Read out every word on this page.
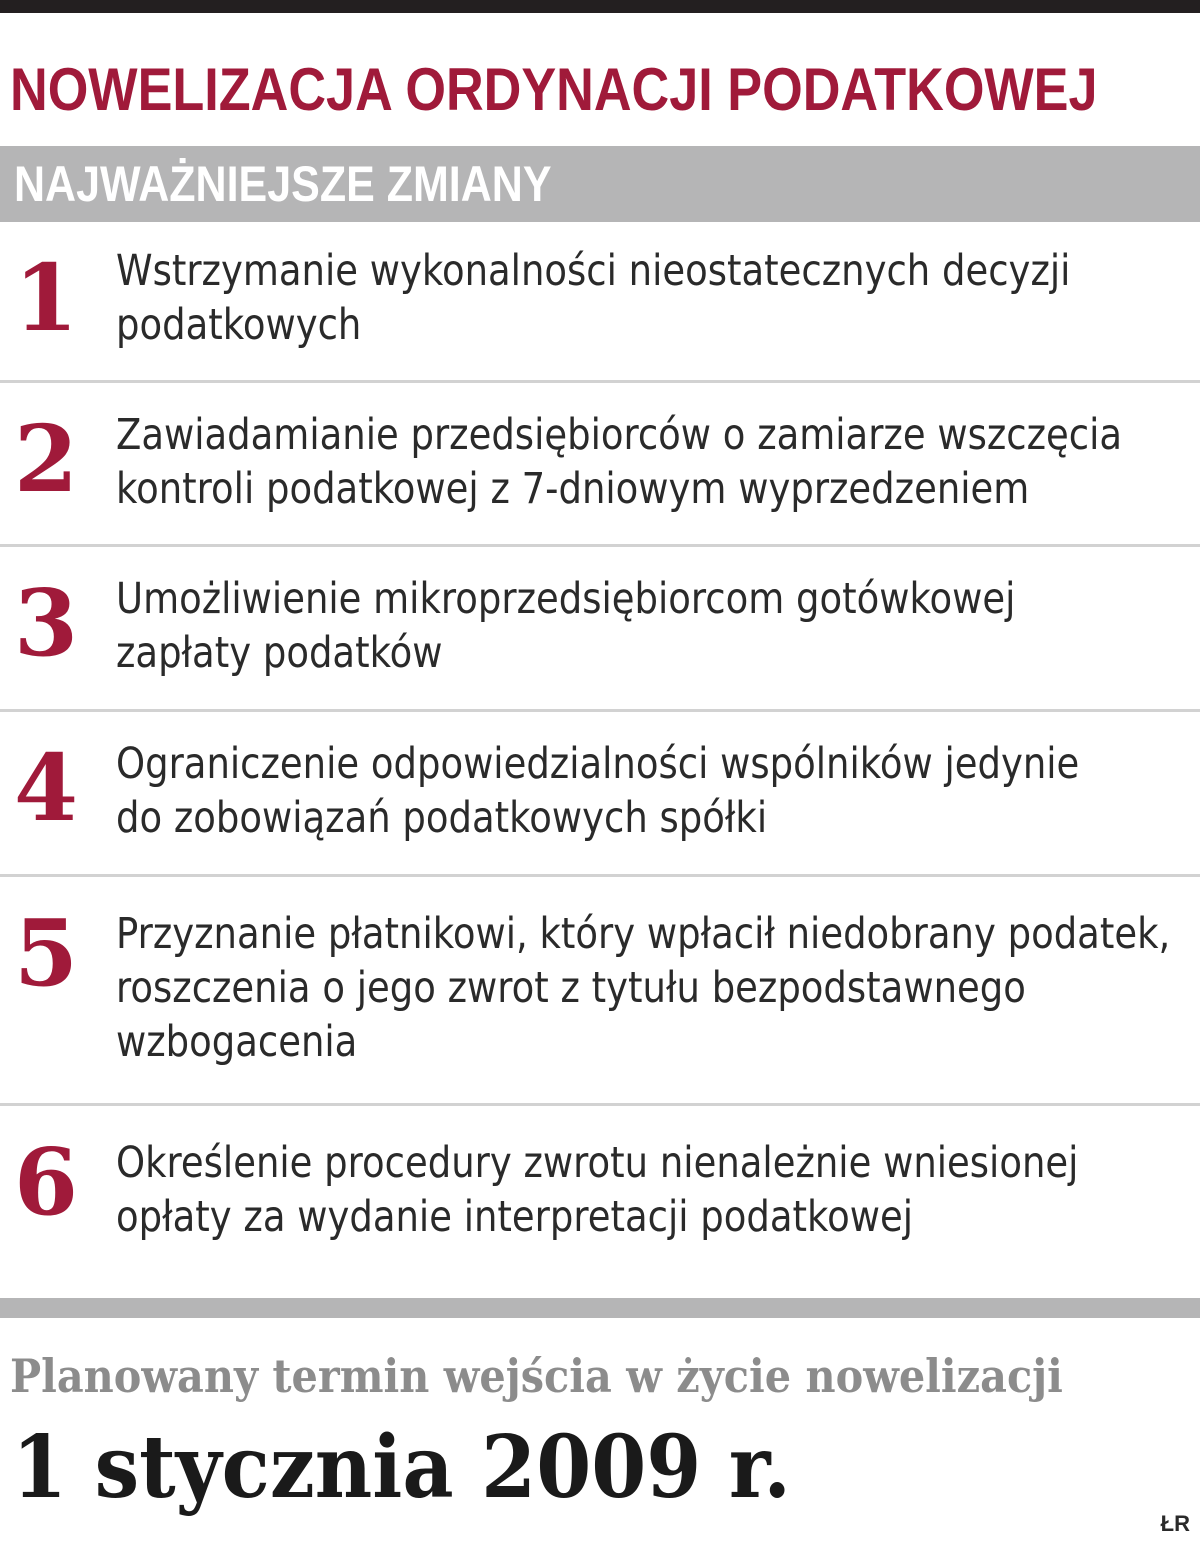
NOWELIZACJA ORDYNACJI PODATKOWEJ
NAJWAŻNIEJSZE ZMIANY
1 Wstrzymanie wykonalności nieostatecznych decyzji
podatkowych
2 Zawiadamianie przedsiębiorców o zamiarze wszczęcia
kontroli podatkowej z 7-dniowym wyprzedzeniem
3 Umożliwienie mikroprzedsiębiorcom gotówkowej
zapłaty podatków
4 Ograniczenie odpowiedzialności wspólników jedynie
do zobowiązań podatkowych spółki
5 Przyznanie płatnikowi, który wpłacił niedobrany podatek,
roszczenia o jego zwrot z tytułu bezpodstawnego
wzbogacenia
6 Określenie procedury zwrotu nienależnie wniesionej
opłaty za wydanie interpretacji podatkowej

Planowany termin wejścia w życie nowelizacji

1 stycznia 2009 r.

ŁR
